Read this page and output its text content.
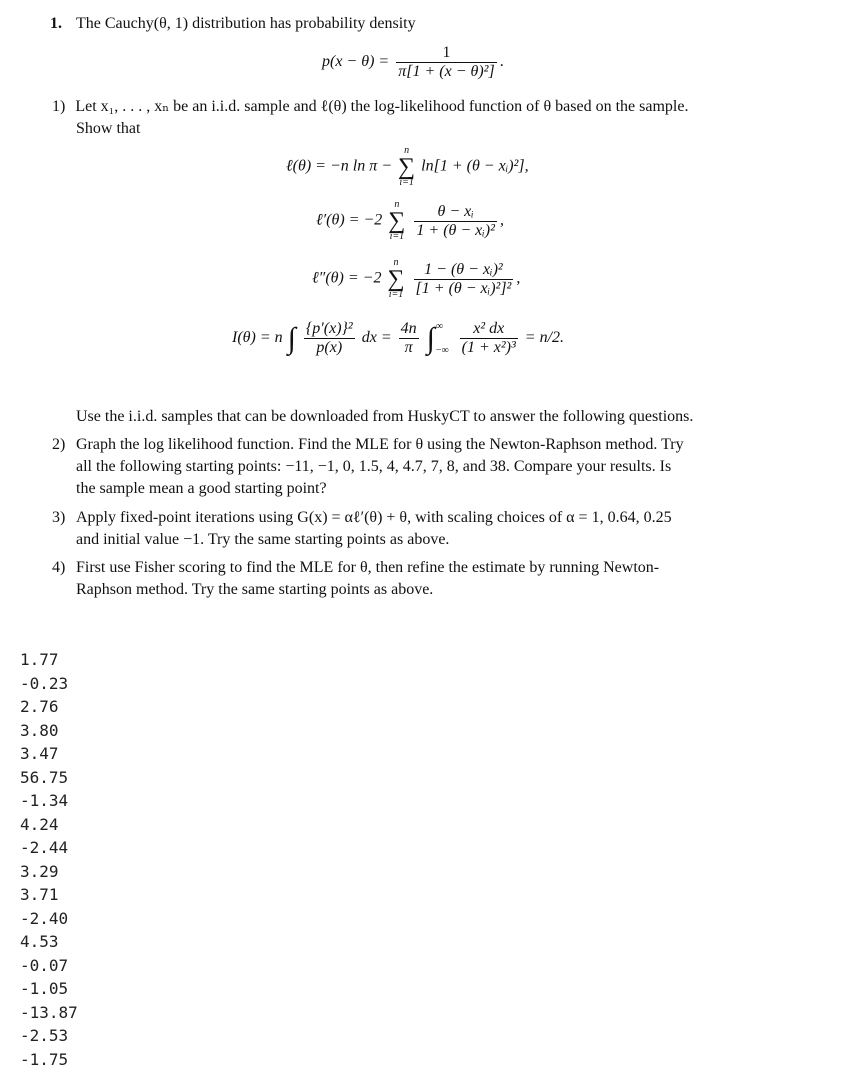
1. The Cauchy(θ, 1) distribution has probability density
$p(x - \theta) = \frac{1}{\text{π[1 + (x − θ)²]}}$ .
1) Let x₁, . . . , xₙ be an i.i.d. sample and ℓ(θ) the log-likelihood function of θ based on the sample.
Show that
ℓ(θ) = −n ln π −
n
∑
i=1
ln[1 + (θ − xᵢ)²],
ℓ′(θ) = −2
n
∑
i=1
$\frac{\text{θ − xᵢ}}{\text{1 + (θ − xᵢ)²}}$ ,
ℓ″(θ) = −2
n
∑
i=1
$\frac{\text{1 − (θ − xᵢ)²}}{\text{[1 + (θ − xᵢ)²]²}}$ ,
I(θ) = n ∫ $\frac{\text{\{p′(x)\}²}}{p(x)}$ dx = $\frac{4n}{\pi}$ ∫ ∞
−∞
$\frac{\text{x² dx}}{\text{(1 + x²)³}} = n/2$.
Use the i.i.d. samples that can be downloaded from HuskyCT to answer the following questions.
2) Graph the log likelihood function. Find the MLE for θ using the Newton-Raphson method. Try
all the following starting points: −11, −1, 0, 1.5, 4, 4.7, 7, 8, and 38. Compare your results. Is
the sample mean a good starting point?
3) Apply fixed-point iterations using G(x) = αℓ′(θ) + θ, with scaling choices of α = 1, 0.64, 0.25
and initial value −1. Try the same starting points as above.
4) First use Fisher scoring to find the MLE for θ, then refine the estimate by running Newton-
Raphson method. Try the same starting points as above.
1.77
-0.23
2.76
3.80
3.47
56.75
-1.34
4.24
-2.44
3.29
3.71
-2.40
4.53
-0.07
-1.05
-13.87
-2.53
-1.75
